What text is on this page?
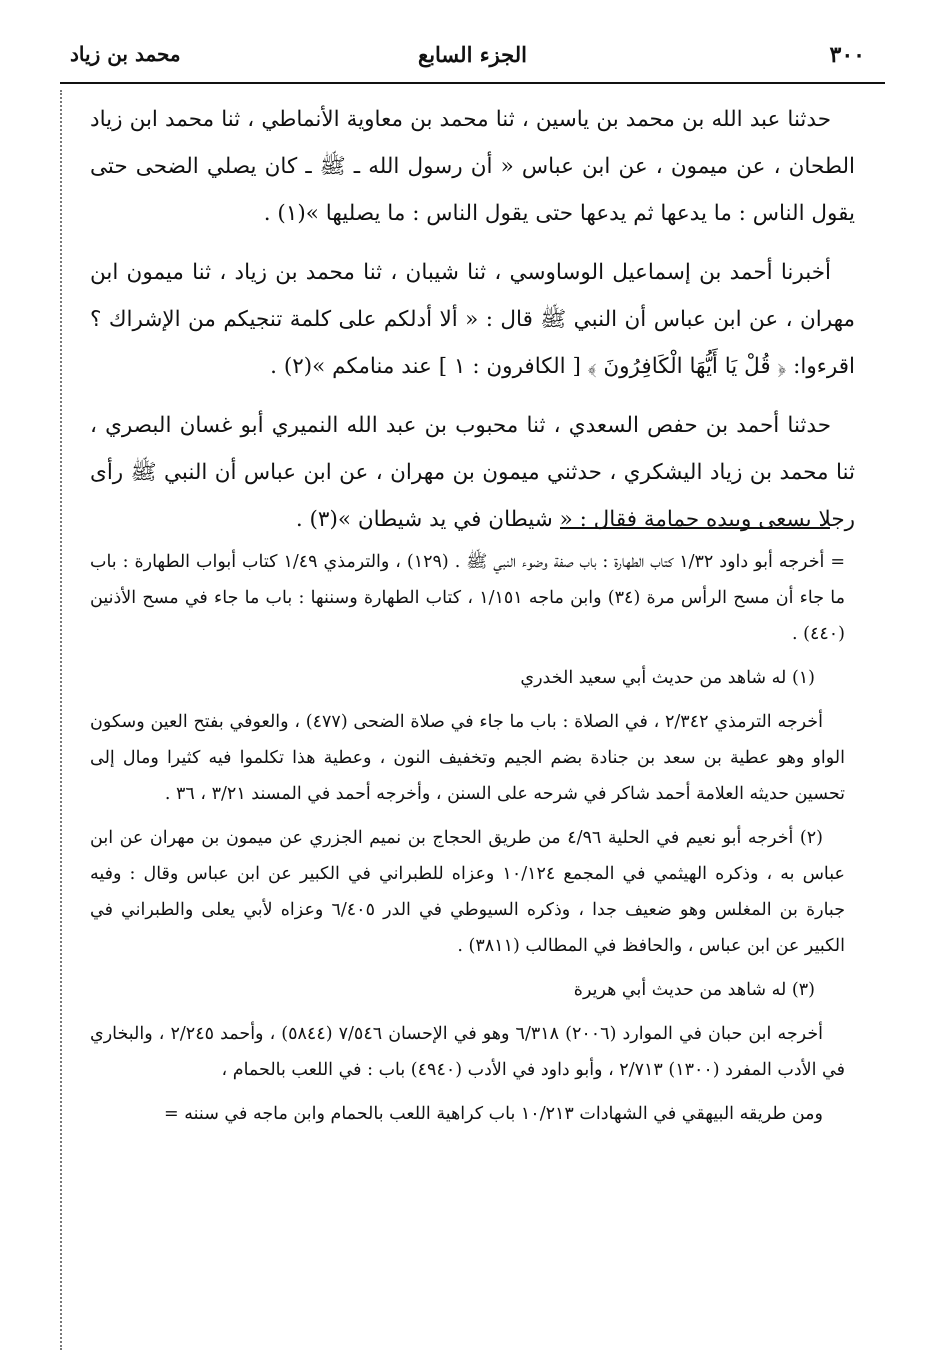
٣٠٠
الجزء السابع
محمد بن زياد

حدثنا عبد الله بن محمد بن ياسين ، ثنا محمد بن معاوية الأنماطي ، ثنا محمد ابن زياد الطحان ، عن ميمون ، عن ابن عباس « أن رسول الله ـ ﷺ ـ كان يصلي الضحى حتى يقول الناس : ما يدعها ثم يدعها حتى يقول الناس : ما يصليها »(١) .

أخبرنا أحمد بن إسماعيل الوساوسي ، ثنا شيبان ، ثنا محمد بن زياد ، ثنا ميمون ابن مهران ، عن ابن عباس أن النبي ﷺ قال : « ألا أدلكم على كلمة تنجيكم من الإشراك ؟ اقرءوا: ﴿ قُلْ يَا أَيُّهَا الْكَافِرُونَ ﴾ [ الكافرون : ١ ] عند منامكم »(٢) .

حدثنا أحمد بن حفص السعدي ، ثنا محبوب بن عبد الله النميري أبو غسان البصري ، ثنا محمد بن زياد اليشكري ، حدثني ميمون بن مهران ، عن ابن عباس أن النبي ﷺ رأى رجلا يسعى وبيده حمامة فقال : « شيطان في يد شيطان »(٣) .

= أخرجه أبو داود ١/٣٢ كتاب الطهارة : باب صفة وضوء النبي ﷺ . (١٢٩) ، والترمذي ١/٤٩ كتاب أبواب الطهارة : باب ما جاء أن مسح الرأس مرة (٣٤) وابن ماجه ١/١٥١ ، كتاب الطهارة وسننها : باب ما جاء في مسح الأذنين (٤٤٠) .

(١) له شاهد من حديث أبي سعيد الخدري

أخرجه الترمذي ٢/٣٤٢ ، في الصلاة : باب ما جاء في صلاة الضحى (٤٧٧) ، والعوفي بفتح العين وسكون الواو وهو عطية بن سعد بن جنادة بضم الجيم وتخفيف النون ، وعطية هذا تكلموا فيه كثيرا ومال إلى تحسين حديثه العلامة أحمد شاكر في شرحه على السنن ، وأخرجه أحمد في المسند ٣/٢١ ، ٣٦ .

(٢) أخرجه أبو نعيم في الحلية ٤/٩٦ من طريق الحجاج بن نميم الجزري عن ميمون بن مهران عن ابن عباس به ، وذكره الهيثمي في المجمع ١٠/١٢٤ وعزاه للطبراني في الكبير عن ابن عباس وقال : وفيه جبارة بن المغلس وهو ضعيف جدا ، وذكره السيوطي في الدر ٦/٤٠٥ وعزاه لأبي يعلى والطبراني في الكبير عن ابن عباس ، والحافظ في المطالب (٣٨١١) .

(٣) له شاهد من حديث أبي هريرة

أخرجه ابن حبان في الموارد (٢٠٠٦) ٦/٣١٨ وهو في الإحسان ٧/٥٤٦ (٥٨٤٤) ، وأحمد ٢/٢٤٥ ، والبخاري في الأدب المفرد (١٣٠٠) ٢/٧١٣ ، وأبو داود في الأدب (٤٩٤٠) باب : في اللعب بالحمام ،

ومن طريقه البيهقي في الشهادات ١٠/٢١٣ باب كراهية اللعب بالحمام وابن ماجه في سننه =
